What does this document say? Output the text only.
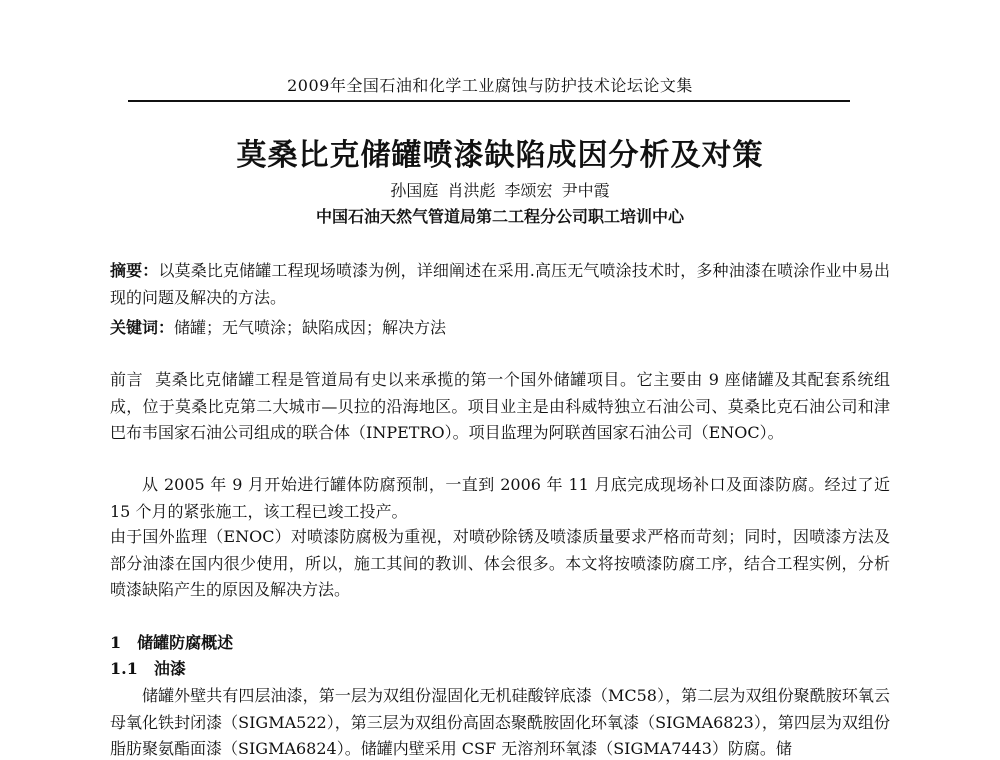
2009年全国石油和化学工业腐蚀与防护技术论坛论文集
莫桑比克储罐喷漆缺陷成因分析及对策
孙国庭 肖洪彪 李颂宏 尹中霞
中国石油天然气管道局第二工程分公司职工培训中心
摘要：以莫桑比克储罐工程现场喷漆为例，详细阐述在采用.高压无气喷涂技术时，多种油漆在喷涂作业中易出现的问题及解决的方法。
关键词：储罐；无气喷涂；缺陷成因；解决方法
前言 莫桑比克储罐工程是管道局有史以来承揽的第一个国外储罐项目。它主要由 9 座储罐及其配套系统组成，位于莫桑比克第二大城市—贝拉的沿海地区。项目业主是由科威特独立石油公司、莫桑比克石油公司和津巴布韦国家石油公司组成的联合体（INPETRO）。项目监理为阿联酋国家石油公司（ENOC）。
从 2005 年 9 月开始进行罐体防腐预制，一直到 2006 年 11 月底完成现场补口及面漆防腐。经过了近 15 个月的紧张施工，该工程已竣工投产。
由于国外监理（ENOC）对喷漆防腐极为重视，对喷砂除锈及喷漆质量要求严格而苛刻；同时，因喷漆方法及部分油漆在国内很少使用，所以，施工其间的教训、体会很多。本文将按喷漆防腐工序，结合工程实例，分析喷漆缺陷产生的原因及解决方法。
1 储罐防腐概述
1.1 油漆
储罐外壁共有四层油漆，第一层为双组份湿固化无机硅酸锌底漆（MC58），第二层为双组份聚酰胺环氧云母氧化铁封闭漆（SIGMA522），第三层为双组份高固态聚酰胺固化环氧漆（SIGMA6823），第四层为双组份脂肪聚氨酯面漆（SIGMA6824）。储罐内壁采用 CSF 无溶剂环氧漆（SIGMA7443）防腐。储
